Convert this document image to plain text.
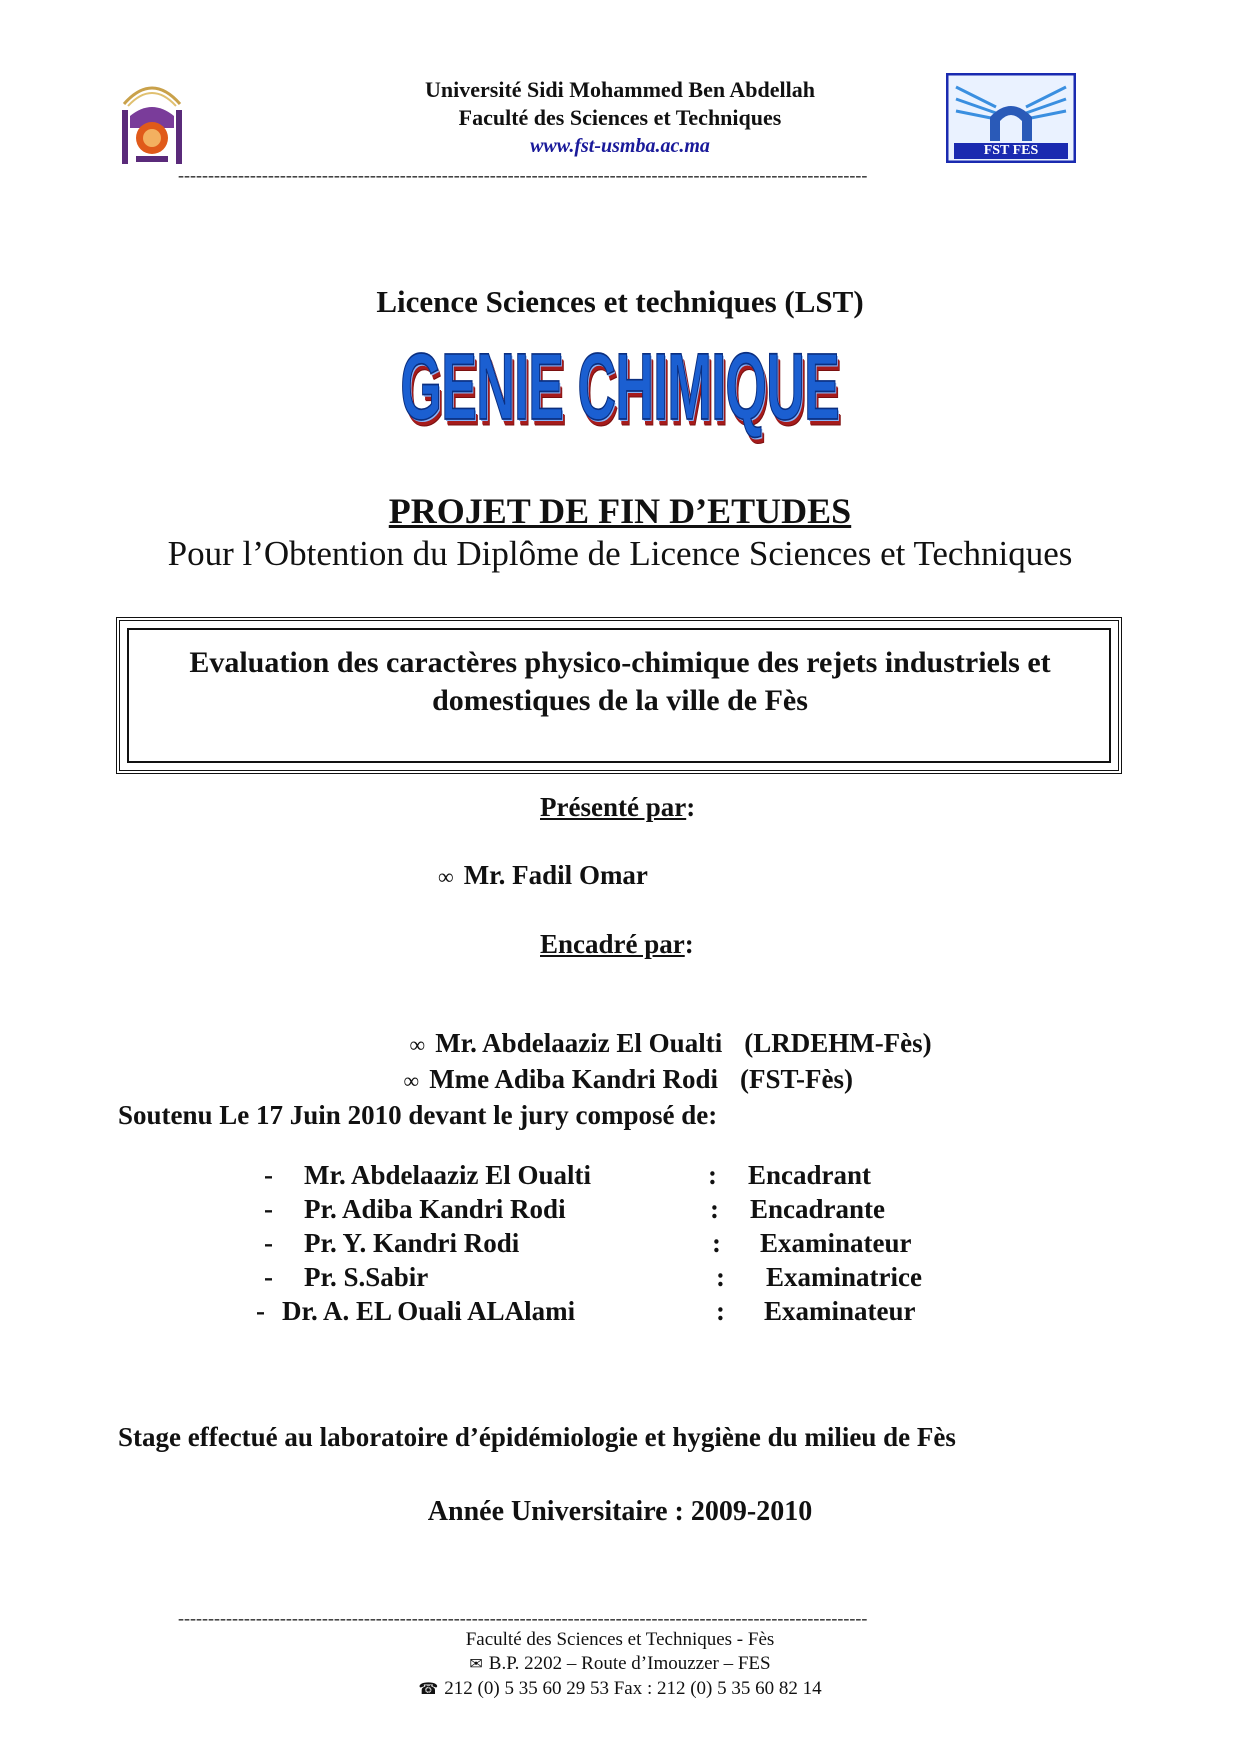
Université Sidi Mohammed Ben Abdellah
Faculté des Sciences et Techniques
www.fst-usmba.ac.ma	FST FES
-------------------------------------------------------------------------------------------------------------------
Licence Sciences et techniques (LST)
GENIE CHIMIQUE
PROJET DE FIN D’ETUDES
Pour l’Obtention du Diplôme de Licence Sciences et Techniques
Evaluation des caractères physico-chimique des rejets industriels et domestiques de la ville de Fès
Présenté par:
∞ Mr. Fadil Omar
Encadré par:

∞ Mr. Abdelaaziz El Oualti (LRDEHM-Fès)

∞ Mme Adiba Kandri Rodi (FST-Fès)

Soutenu Le 17 Juin 2010 devant le jury composé de:
- Mr. Abdelaaziz El Oualti	: Encadrant
- Pr. Adiba Kandri Rodi	: Encadrante
- Pr. Y. Kandri Rodi	: Examinateur
- Pr. S.Sabir	: Examinatrice
- Dr. A. EL Ouali ALAlami	: Examinateur
Stage effectué au laboratoire d’épidémiologie et hygiène du milieu de Fès
Année Universitaire : 2009-2010
-------------------------------------------------------------------------------------------------------------------
Faculté des Sciences et Techniques - Fès
✉ B.P. 2202 – Route d’Imouzzer – FES
☎ 212 (0) 5 35 60 29 53 Fax : 212 (0) 5 35 60 82 14
